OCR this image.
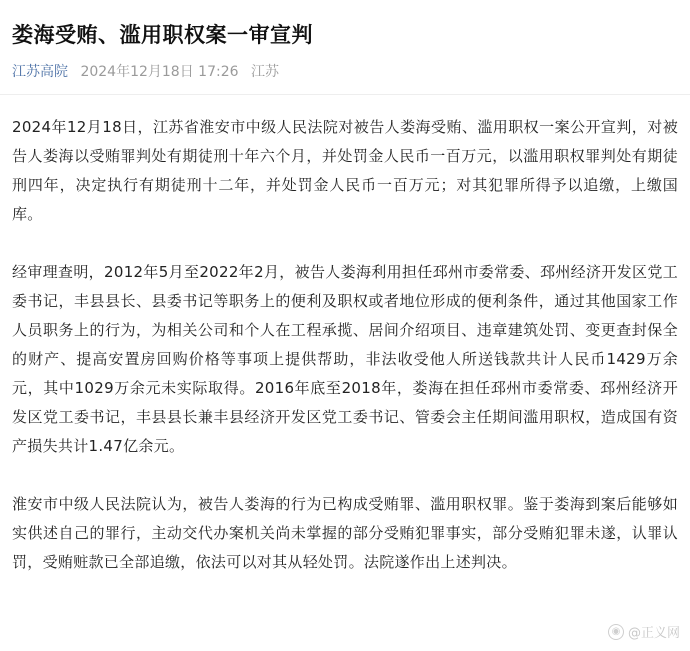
娄海受贿、滥用职权案一审宣判
江苏高院 2024年12月18日 17:26 江苏

2024年12月18日，江苏省淮安市中级人民法院对被告人娄海受贿、滥用职权一案公开宣判，对被告人娄海以受贿罪判处有期徒刑十年六个月，并处罚金人民币一百万元，以滥用职权罪判处有期徒刑四年，决定执行有期徒刑十二年，并处罚金人民币一百万元；对其犯罪所得予以追缴，上缴国库。

经审理查明，2012年5月至2022年2月，被告人娄海利用担任邳州市委常委、邳州经济开发区党工委书记，丰县县长、县委书记等职务上的便利及职权或者地位形成的便利条件，通过其他国家工作人员职务上的行为，为相关公司和个人在工程承揽、居间介绍项目、违章建筑处罚、变更查封保全的财产、提高安置房回购价格等事项上提供帮助，非法收受他人所送钱款共计人民币1429万余元，其中1029万余元未实际取得。2016年底至2018年，娄海在担任邳州市委常委、邳州经济开发区党工委书记，丰县县长兼丰县经济开发区党工委书记、管委会主任期间滥用职权，造成国有资产损失共计1.47亿余元。

淮安市中级人民法院认为，被告人娄海的行为已构成受贿罪、滥用职权罪。鉴于娄海到案后能够如实供述自己的罪行，主动交代办案机关尚未掌握的部分受贿犯罪事实，部分受贿犯罪未遂，认罪认罚，受贿赃款已全部追缴，依法可以对其从轻处罚。法院遂作出上述判决。

◉ @正义网
